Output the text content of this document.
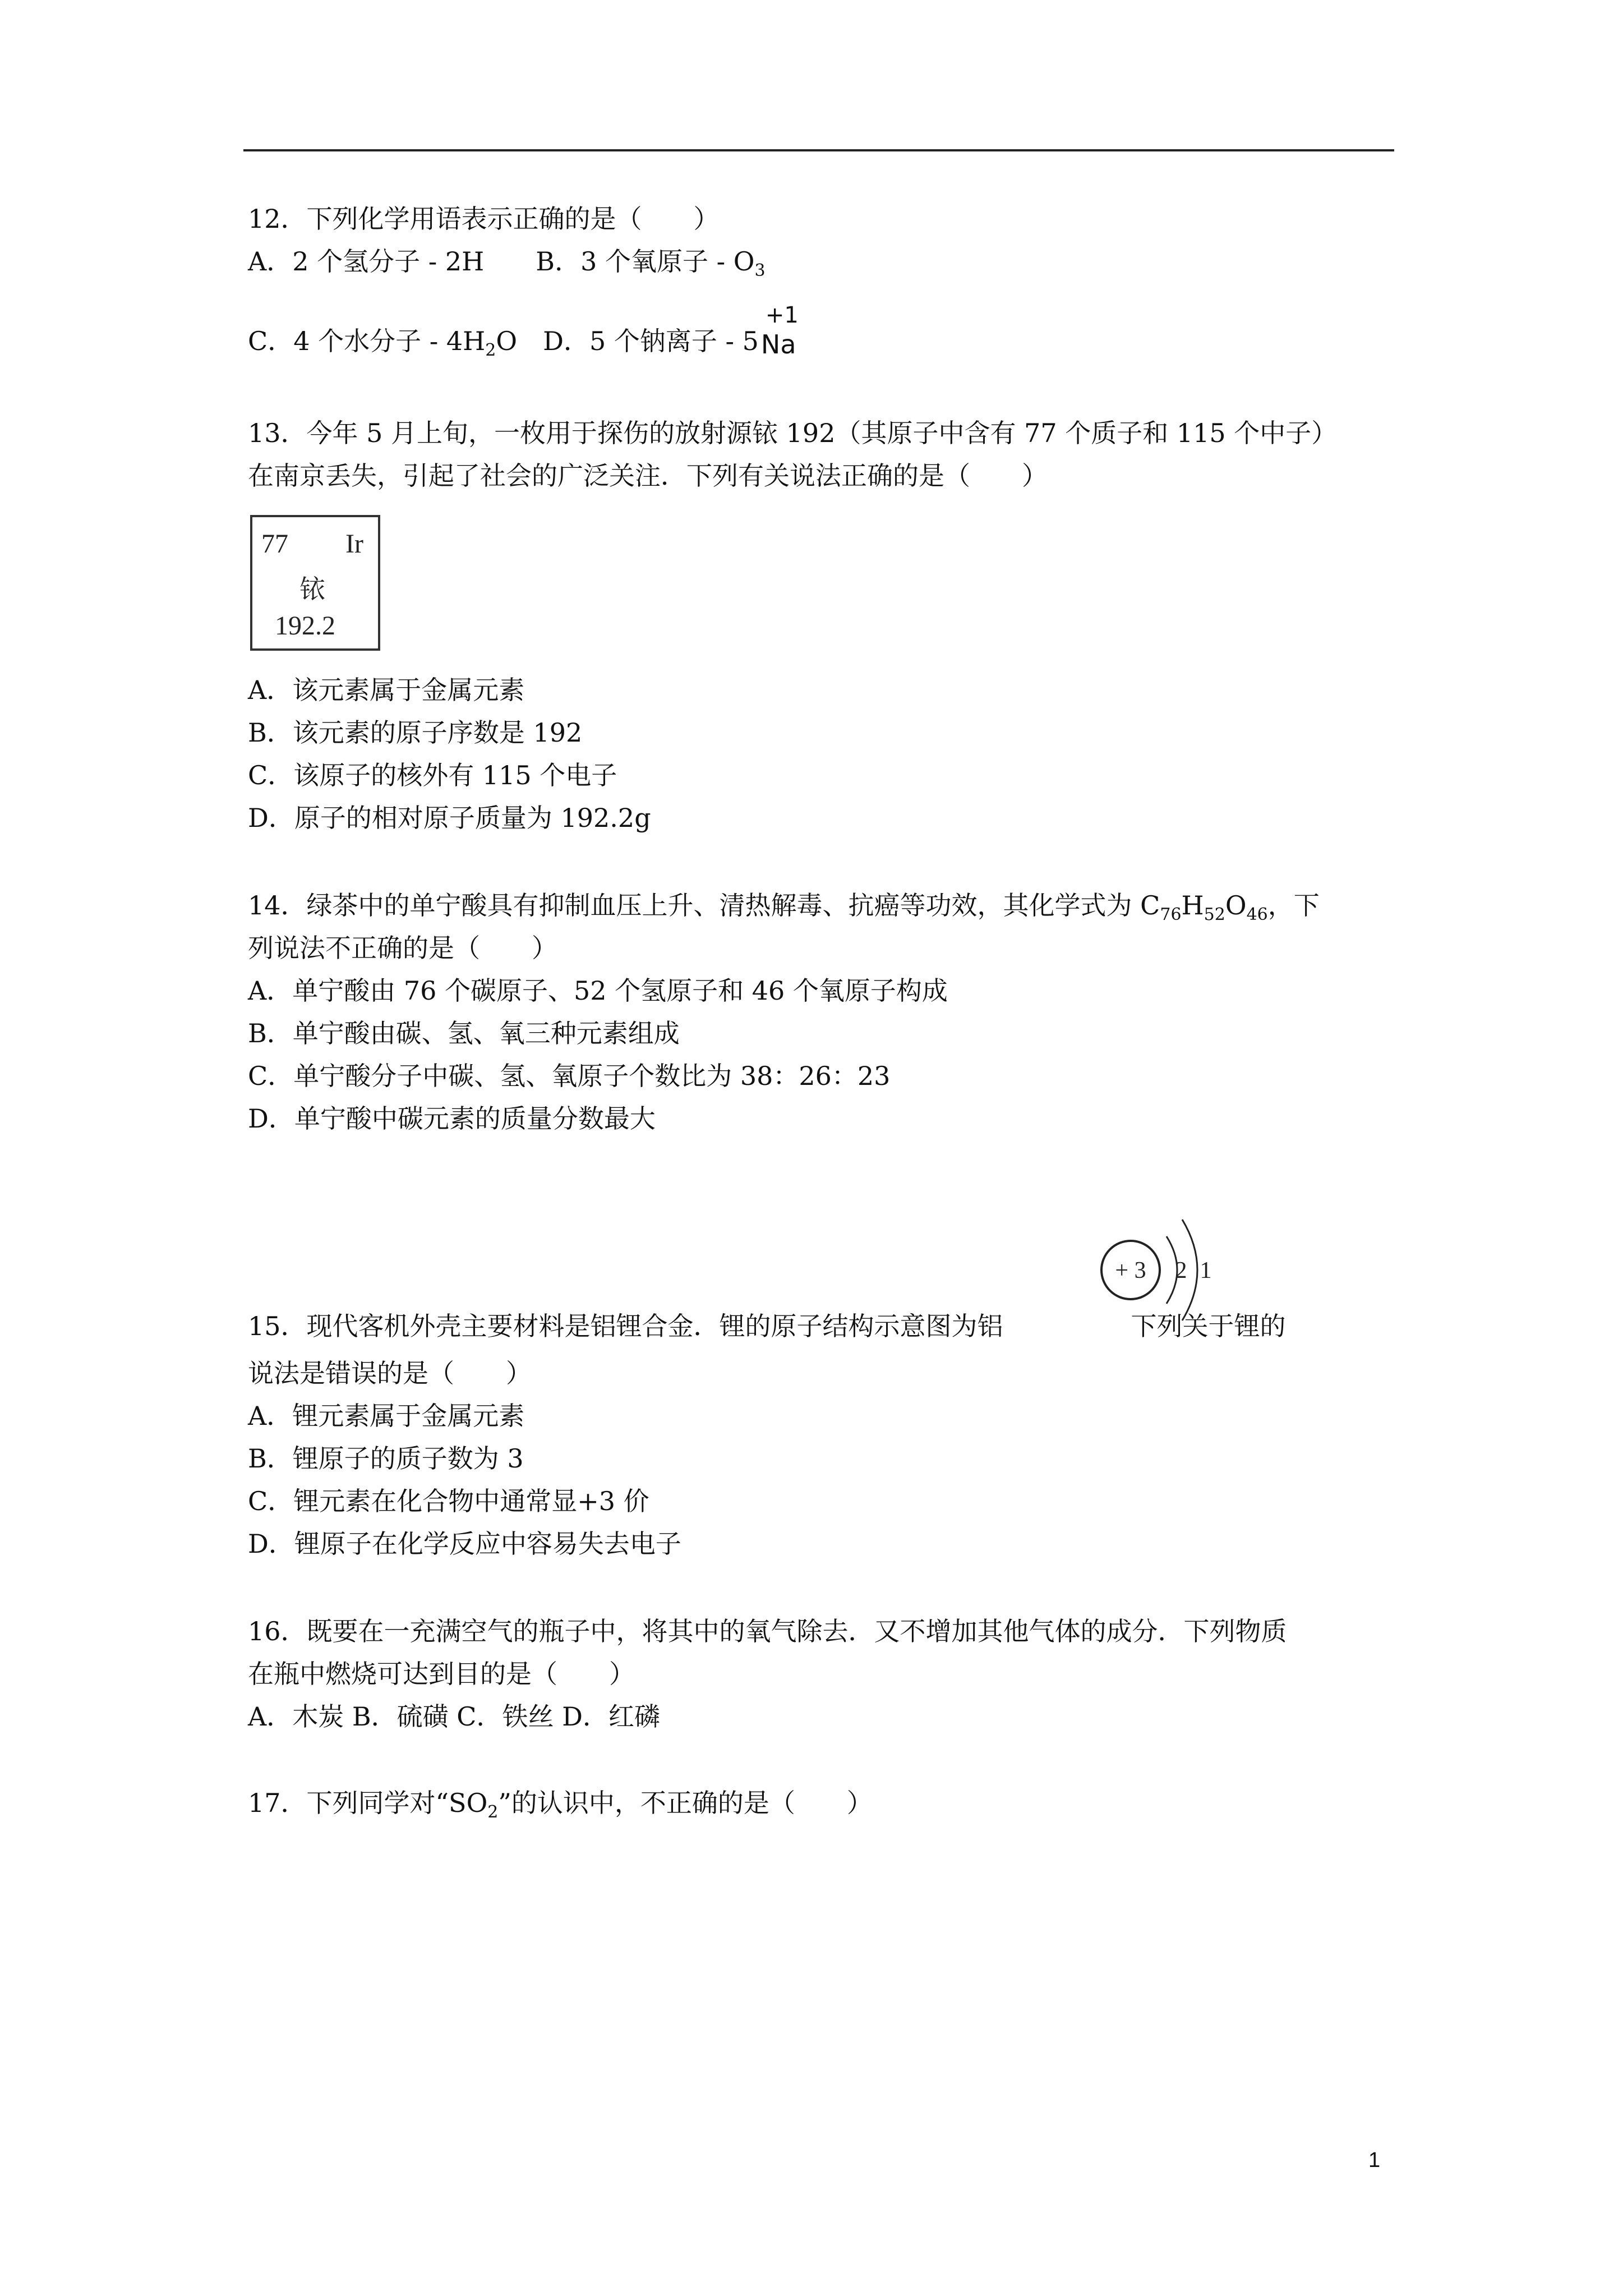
12．下列化学用语表示正确的是（　　）
A．2 个氢分子 - 2H　　B．3 个氧原子 - $O_3$
C．4 个水分子 - $4H_2O$　D．5 个钠离子 - 5
+1
Na
13．今年 5 月上旬，一枚用于探伤的放射源铱 192（其原子中含有 77 个质子和 115 个中子）
在南京丢失，引起了社会的广泛关注．下列有关说法正确的是（　　）
77 Ir
铱
192.2
A．该元素属于金属元素
B．该元素的原子序数是 192
C．该原子的核外有 115 个电子
D．原子的相对原子质量为 192.2g
14．绿茶中的单宁酸具有抑制血压上升、清热解毒、抗癌等功效，其化学式为 $C_{76}H_{52}O_{46}$，下
列说法不正确的是（　　）
A．单宁酸由 76 个碳原子、52 个氢原子和 46 个氧原子构成
B．单宁酸由碳、氢、氧三种元素组成
C．单宁酸分子中碳、氢、氧原子个数比为 38：26：23
D．单宁酸中碳元素的质量分数最大
15．现代客机外壳主要材料是铝锂合金．锂的原子结构示意图为铝	下列关于锂的
+ 3 2 1
说法是错误的是（　　）
A．锂元素属于金属元素
B．锂原子的质子数为 3
C．锂元素在化合物中通常显+3 价
D．锂原子在化学反应中容易失去电子
16．既要在一充满空气的瓶子中，将其中的氧气除去．又不增加其他气体的成分．下列物质
在瓶中燃烧可达到目的是（　　）
A．木炭 B．硫磺 C．铁丝 D．红磷
17．下列同学对“$SO_2$”的认识中，不正确的是（　　）
1
